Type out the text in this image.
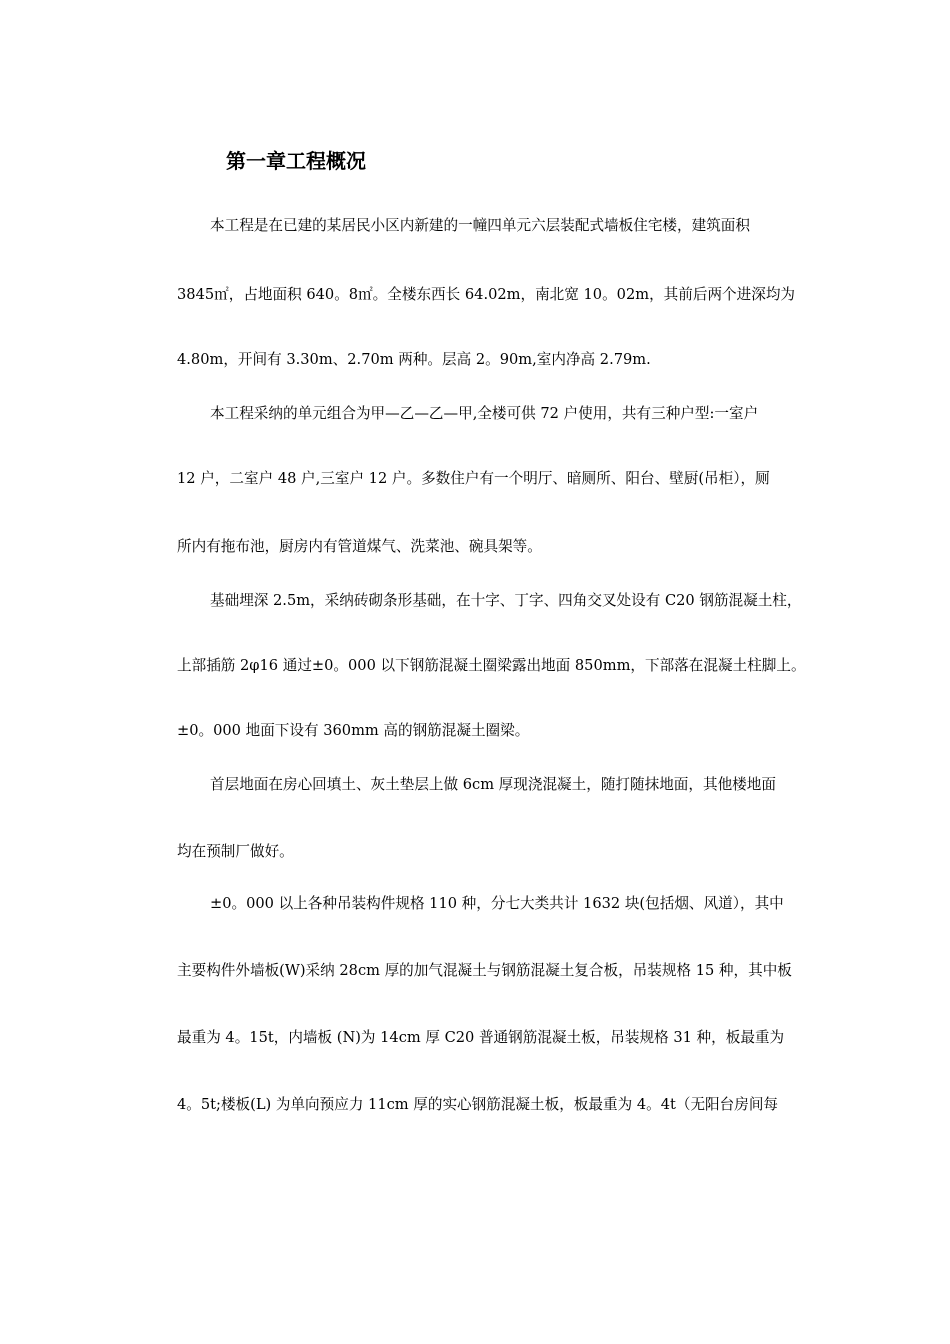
第一章工程概况

本工程是在已建的某居民小区内新建的一幢四单元六层装配式墙板住宅楼，建筑面积

3845㎡，占地面积 640。8㎡。全楼东西长 64.02m，南北宽 10。02m，其前后两个进深均为

4.80m，开间有 3.30m、2.70m 两种。层高 2。90m,室内净高 2.79m.

本工程采纳的单元组合为甲—乙—乙—甲,全楼可供 72 户使用，共有三种户型:一室户

12 户，二室户 48 户,三室户 12 户。多数住户有一个明厅、暗厕所、阳台、壁厨(吊柜），厕

所内有拖布池，厨房内有管道煤气、洗菜池、碗具架等。

基础埋深 2.5m，采纳砖砌条形基础，在十字、丁字、四角交叉处设有 C20 钢筋混凝土柱，

上部插筋 2φ16 通过±0。000 以下钢筋混凝土圈梁露出地面 850mm，下部落在混凝土柱脚上。

±0。000 地面下设有 360mm 高的钢筋混凝土圈梁。

首层地面在房心回填土、灰土垫层上做 6cm 厚现浇混凝土，随打随抹地面，其他楼地面

均在预制厂做好。

±0。000 以上各种吊装构件规格 110 种，分七大类共计 1632 块(包括烟、风道），其中

主要构件外墙板(W)采纳 28cm 厚的加气混凝土与钢筋混凝土复合板，吊装规格 15 种，其中板

最重为 4。15t，内墙板 (N)为 14cm 厚 C20 普通钢筋混凝土板，吊装规格 31 种，板最重为

4。5t;楼板(L) 为单向预应力 11cm 厚的实心钢筋混凝土板，板最重为 4。4t（无阳台房间每
